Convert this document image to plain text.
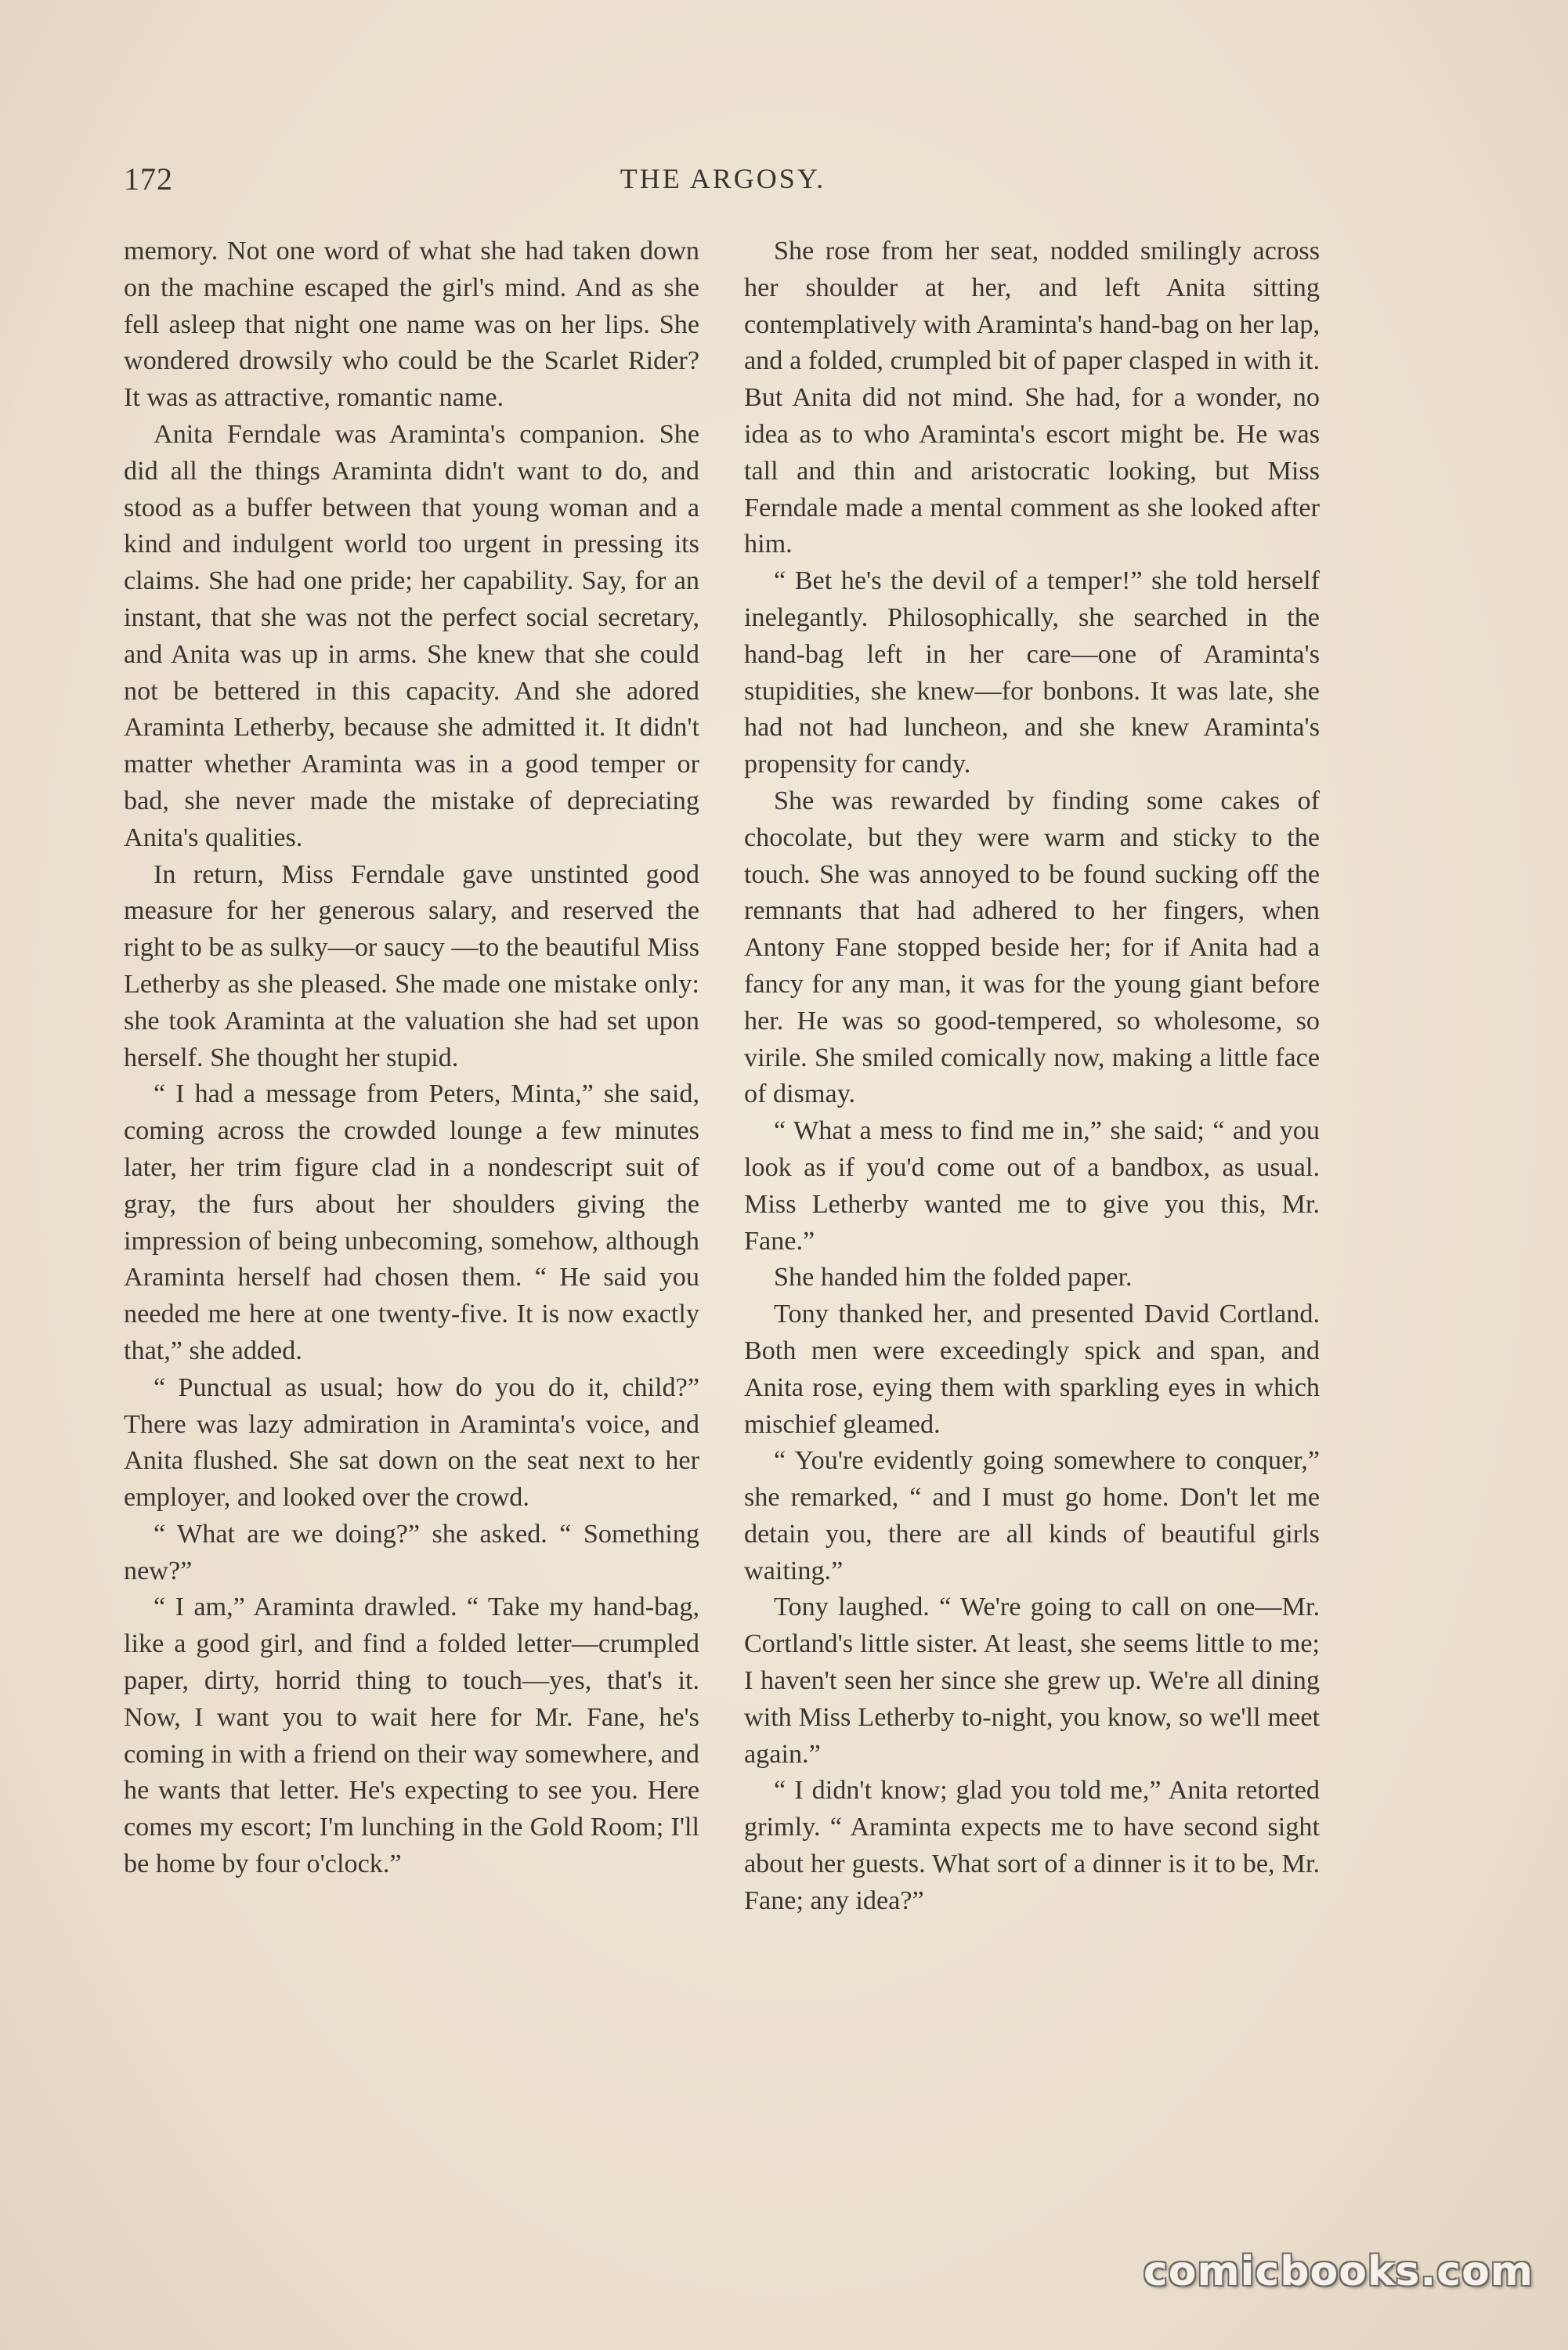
172	THE ARGOSY.

memory. Not one word of what she had taken down on the machine escaped the girl's mind. And as she fell asleep that night one name was on her lips. She wondered drowsily who could be the Scarlet Rider? It was as attractive, romantic name.

Anita Ferndale was Araminta's companion. She did all the things Araminta didn't want to do, and stood as a buffer between that young woman and a kind and indulgent world too urgent in pressing its claims. She had one pride; her capability. Say, for an instant, that she was not the perfect social secretary, and Anita was up in arms. She knew that she could not be bettered in this capacity. And she adored Araminta Letherby, because she admitted it. It didn't matter whether Araminta was in a good temper or bad, she never made the mistake of depreciating Anita's qualities.

In return, Miss Ferndale gave unstinted good measure for her generous salary, and reserved the right to be as sulky—or saucy —to the beautiful Miss Letherby as she pleased. She made one mistake only: she took Araminta at the valuation she had set upon herself. She thought her stupid.

“ I had a message from Peters, Minta,” she said, coming across the crowded lounge a few minutes later, her trim figure clad in a nondescript suit of gray, the furs about her shoulders giving the impression of being unbecoming, somehow, although Araminta herself had chosen them. “ He said you needed me here at one twenty-five. It is now exactly that,” she added.

“ Punctual as usual; how do you do it, child?” There was lazy admiration in Araminta's voice, and Anita flushed. She sat down on the seat next to her employer, and looked over the crowd.

“ What are we doing?” she asked. “ Something new?”

“ I am,” Araminta drawled. “ Take my hand-bag, like a good girl, and find a folded letter—crumpled paper, dirty, horrid thing to touch—yes, that's it. Now, I want you to wait here for Mr. Fane, he's coming in with a friend on their way somewhere, and he wants that letter. He's expecting to see you. Here comes my escort; I'm lunching in the Gold Room; I'll be home by four o'clock.”

She rose from her seat, nodded smilingly across her shoulder at her, and left Anita sitting contemplatively with Araminta's hand-bag on her lap, and a folded, crumpled bit of paper clasped in with it. But Anita did not mind. She had, for a wonder, no idea as to who Araminta's escort might be. He was tall and thin and aristocratic looking, but Miss Ferndale made a mental comment as she looked after him.

“ Bet he's the devil of a temper!” she told herself inelegantly. Philosophically, she searched in the hand-bag left in her care—one of Araminta's stupidities, she knew—for bonbons. It was late, she had not had luncheon, and she knew Araminta's propensity for candy.

She was rewarded by finding some cakes of chocolate, but they were warm and sticky to the touch. She was annoyed to be found sucking off the remnants that had adhered to her fingers, when Antony Fane stopped beside her; for if Anita had a fancy for any man, it was for the young giant before her. He was so good-tempered, so wholesome, so virile. She smiled comically now, making a little face of dismay.

“ What a mess to find me in,” she said; “ and you look as if you'd come out of a bandbox, as usual. Miss Letherby wanted me to give you this, Mr. Fane.”

She handed him the folded paper.

Tony thanked her, and presented David Cortland. Both men were exceedingly spick and span, and Anita rose, eying them with sparkling eyes in which mischief gleamed.

“ You're evidently going somewhere to conquer,” she remarked, “ and I must go home. Don't let me detain you, there are all kinds of beautiful girls waiting.”

Tony laughed. “ We're going to call on one—Mr. Cortland's little sister. At least, she seems little to me; I haven't seen her since she grew up. We're all dining with Miss Letherby to-night, you know, so we'll meet again.”

“ I didn't know; glad you told me,” Anita retorted grimly. “ Araminta expects me to have second sight about her guests. What sort of a dinner is it to be, Mr. Fane; any idea?”

comicbooks.com
